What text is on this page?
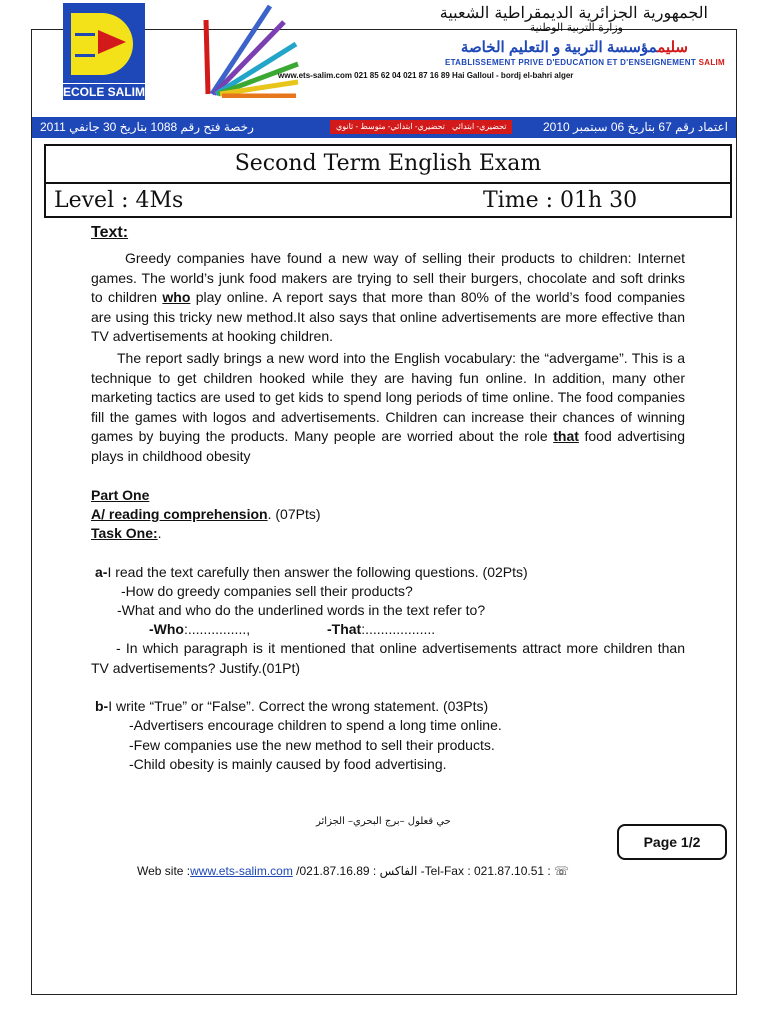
ECOLE SALIM
الجمهورية الجزائرية الديمقراطية الشعبية
وزارة التربية الوطنية
سليممؤسسة التربية و التعليم الخاصة
ETABLISSEMENT PRIVE D'EDUCATION ET D'ENSEIGNEMENT SALIM
www.ets-salim.com 021 85 62 04 021 87 16 89 Hai Galloul - bordj el-bahri alger
رخصة فتح رقم 1088 بتاريخ 30 جانفي 2011	تحضيري- ابتدائي- متوسط - ثانوي تحضيري- ابتدائي	اعتماد رقم 67 بتاريخ 06 سبتمبر 2010
Second Term English Exam
Level : 4Ms	Time : 01h 30
Text:
Greedy companies have found a new way of selling their products to children: Internet games. The world’s junk food makers are trying to sell their burgers, chocolate and soft drinks to children who play online. A report says that more than 80% of the world’s food companies are using this tricky new method.It also says that online advertisements are more effective than TV advertisements at hooking children.
The report sadly brings a new word into the English vocabulary: the “advergame”. This is a technique to get children hooked while they are having fun online. In addition, many other marketing tactics are used to get kids to spend long periods of time online. The food companies fill the games with logos and advertisements. Children can increase their chances of winning games by buying the products. Many people are worried about the role that food advertising plays in childhood obesity
Part One
A/ reading comprehension. (07Pts)
Task One:.
a-I read the text carefully then answer the following questions. (02Pts)
-How do greedy companies sell their products?
-What and who do the underlined words in the text refer to?
-Who:...............,	-That:..................
- In which paragraph is it mentioned that online advertisements attract more children than TV advertisements? Justify.(01Pt)
b-I write “True” or “False”. Correct the wrong statement. (03Pts)
-Advertisers encourage children to spend a long time online.
-Few companies use the new method to sell their products.
-Child obesity is mainly caused by food advertising.
حي قعلول –برج البحري– الجزائر
Page 1/2
Web site :www.ets-salim.com /021.87.16.89 : الفاكس -Tel-Fax : 021.87.10.51 : ☏
